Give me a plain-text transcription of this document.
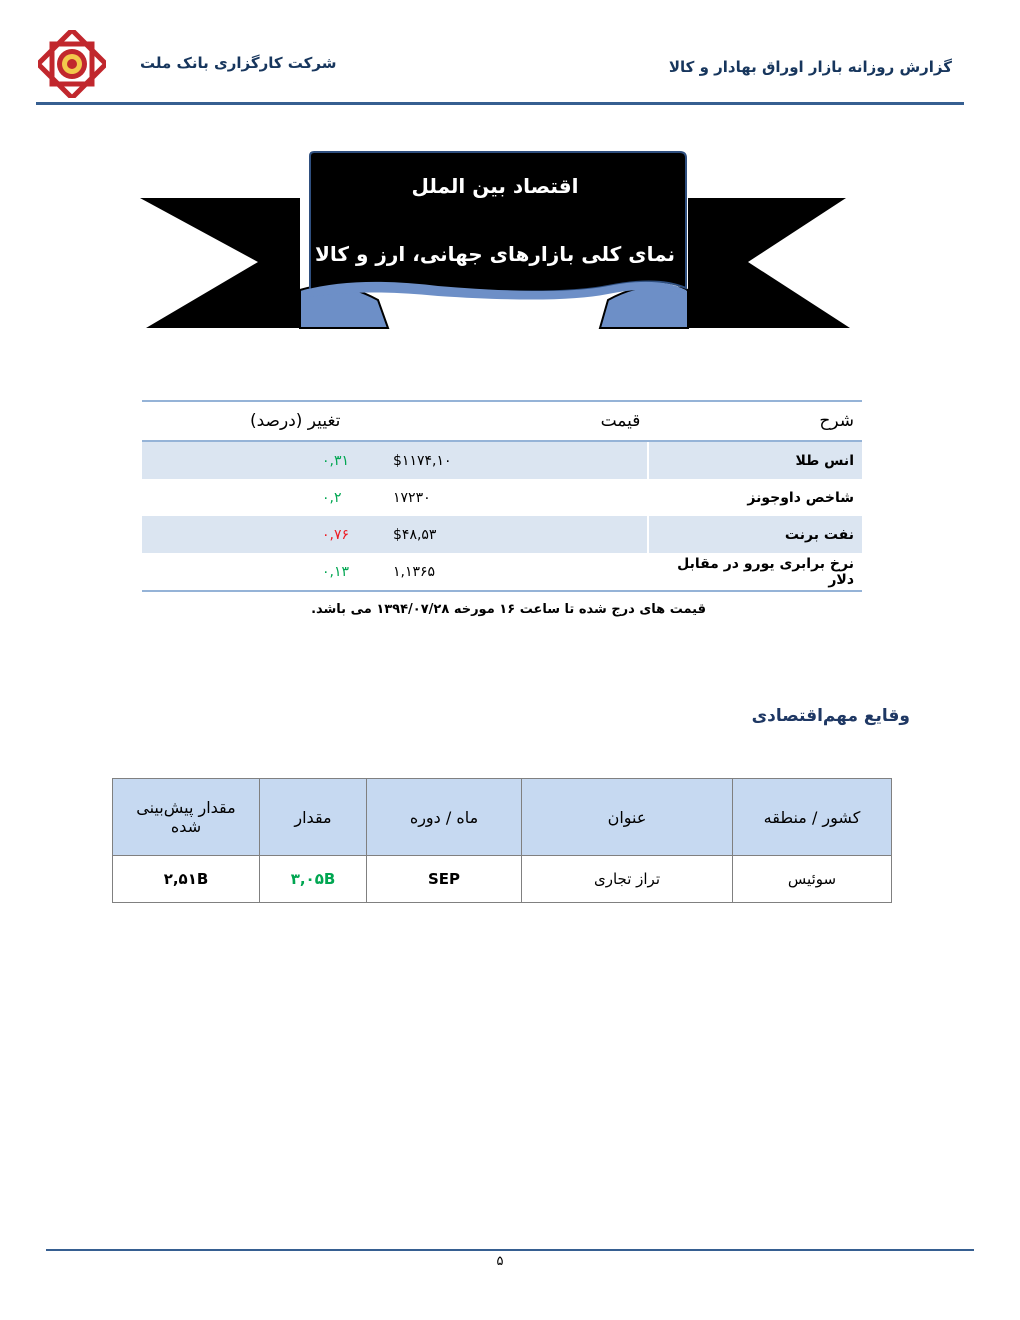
شرکت کارگزاری بانک ملت	گزارش روزانه بازار اوراق بهادار و کالا
اقتصاد بین الملل
نمای کلی بازارهای جهانی، ارز و کالا
شرح	قیمت	تغییر (درصد)
انس طلا	$۱۱۷۴,۱۰	۰,۳۱
شاخص داوجونز	۱۷۲۳۰	۰,۲
نفت برنت	$۴۸,۵۳	۰,۷۶
نرخ برابری یورو در مقابل دلار	۱,۱۳۶۵	۰,۱۳
قیمت های درج شده تا ساعت ۱۶ مورخه ۱۳۹۴/۰۷/۲۸ می باشد.
وقایع مهم‌اقتصادی
کشور / منطقه	عنوان	ماه / دوره	مقدار	مقدار پیش‌بینی شده
سوئیس	تراز تجاری	SEP	۳,۰۵B	۲,۵۱B
۵
